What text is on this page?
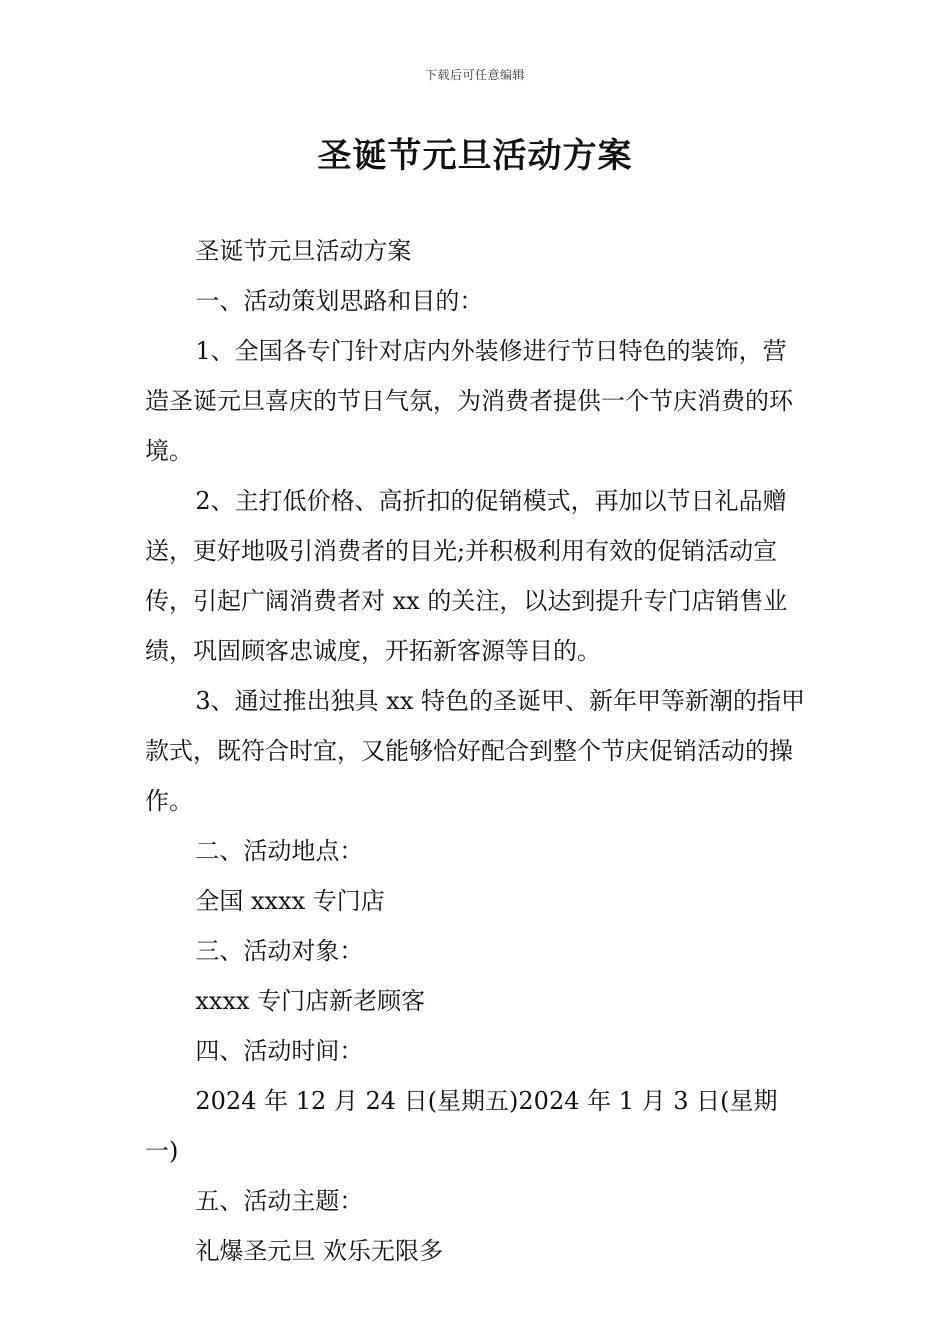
下载后可任意编辑
圣诞节元旦活动方案

圣诞节元旦活动方案

一、活动策划思路和目的：

1、全国各专门针对店内外装修进行节日特色的装饰，营造圣诞元旦喜庆的节日气氛，为消费者提供一个节庆消费的环境。

2、主打低价格、高折扣的促销模式，再加以节日礼品赠送，更好地吸引消费者的目光;并积极利用有效的促销活动宣传，引起广阔消费者对 xx 的关注，以达到提升专门店销售业绩，巩固顾客忠诚度，开拓新客源等目的。

3、通过推出独具 xx 特色的圣诞甲、新年甲等新潮的指甲款式，既符合时宜，又能够恰好配合到整个节庆促销活动的操作。

二、活动地点：

全国 xxxx 专门店

三、活动对象：

xxxx 专门店新老顾客

四、活动时间：

2024 年 12 月 24 日(星期五)2024 年 1 月 3 日(星期一)

五、活动主题：

礼爆圣元旦 欢乐无限多
